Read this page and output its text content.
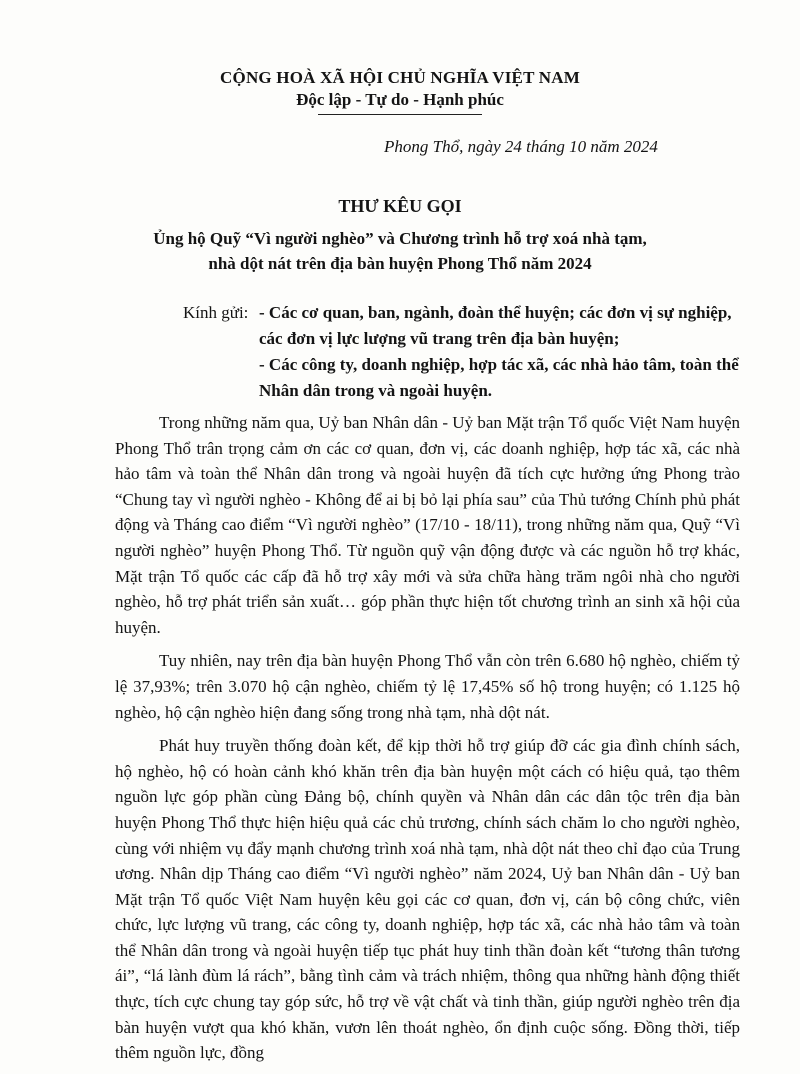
CỘNG HOÀ XÃ HỘI CHỦ NGHĨA VIỆT NAM
Độc lập - Tự do - Hạnh phúc
Phong Thổ, ngày 24 tháng 10 năm 2024
THƯ KÊU GỌI
Ủng hộ Quỹ “Vì người nghèo” và Chương trình hỗ trợ xoá nhà tạm,
nhà dột nát trên địa bàn huyện Phong Thổ năm 2024
Kính gửi: - Các cơ quan, ban, ngành, đoàn thể huyện; các đơn vị sự nghiệp, các đơn vị lực lượng vũ trang trên địa bàn huyện;
- Các công ty, doanh nghiệp, hợp tác xã, các nhà hảo tâm, toàn thể Nhân dân trong và ngoài huyện.

Trong những năm qua, Uỷ ban Nhân dân - Uỷ ban Mặt trận Tổ quốc Việt Nam huyện Phong Thổ trân trọng cảm ơn các cơ quan, đơn vị, các doanh nghiệp, hợp tác xã, các nhà hảo tâm và toàn thể Nhân dân trong và ngoài huyện đã tích cực hưởng ứng Phong trào “Chung tay vì người nghèo - Không để ai bị bỏ lại phía sau” của Thủ tướng Chính phủ phát động và Tháng cao điểm “Vì người nghèo” (17/10 - 18/11), trong những năm qua, Quỹ “Vì người nghèo” huyện Phong Thổ. Từ nguồn quỹ vận động được và các nguồn hỗ trợ khác, Mặt trận Tổ quốc các cấp đã hỗ trợ xây mới và sửa chữa hàng trăm ngôi nhà cho người nghèo, hỗ trợ phát triển sản xuất… góp phần thực hiện tốt chương trình an sinh xã hội của huyện.

Tuy nhiên, nay trên địa bàn huyện Phong Thổ vẫn còn trên 6.680 hộ nghèo, chiếm tỷ lệ 37,93%; trên 3.070 hộ cận nghèo, chiếm tỷ lệ 17,45% số hộ trong huyện; có 1.125 hộ nghèo, hộ cận nghèo hiện đang sống trong nhà tạm, nhà dột nát.

Phát huy truyền thống đoàn kết, để kịp thời hỗ trợ giúp đỡ các gia đình chính sách, hộ nghèo, hộ có hoàn cảnh khó khăn trên địa bàn huyện một cách có hiệu quả, tạo thêm nguồn lực góp phần cùng Đảng bộ, chính quyền và Nhân dân các dân tộc trên địa bàn huyện Phong Thổ thực hiện hiệu quả các chủ trương, chính sách chăm lo cho người nghèo, cùng với nhiệm vụ đẩy mạnh chương trình xoá nhà tạm, nhà dột nát theo chỉ đạo của Trung ương. Nhân dịp Tháng cao điểm “Vì người nghèo” năm 2024, Uỷ ban Nhân dân - Uỷ ban Mặt trận Tổ quốc Việt Nam huyện kêu gọi các cơ quan, đơn vị, cán bộ công chức, viên chức, lực lượng vũ trang, các công ty, doanh nghiệp, hợp tác xã, các nhà hảo tâm và toàn thể Nhân dân trong và ngoài huyện tiếp tục phát huy tinh thần đoàn kết “tương thân tương ái”, “lá lành đùm lá rách”, bằng tình cảm và trách nhiệm, thông qua những hành động thiết thực, tích cực chung tay góp sức, hỗ trợ về vật chất và tinh thần, giúp người nghèo trên địa bàn huyện vượt qua khó khăn, vươn lên thoát nghèo, ổn định cuộc sống. Đồng thời, tiếp thêm nguồn lực, đồng
